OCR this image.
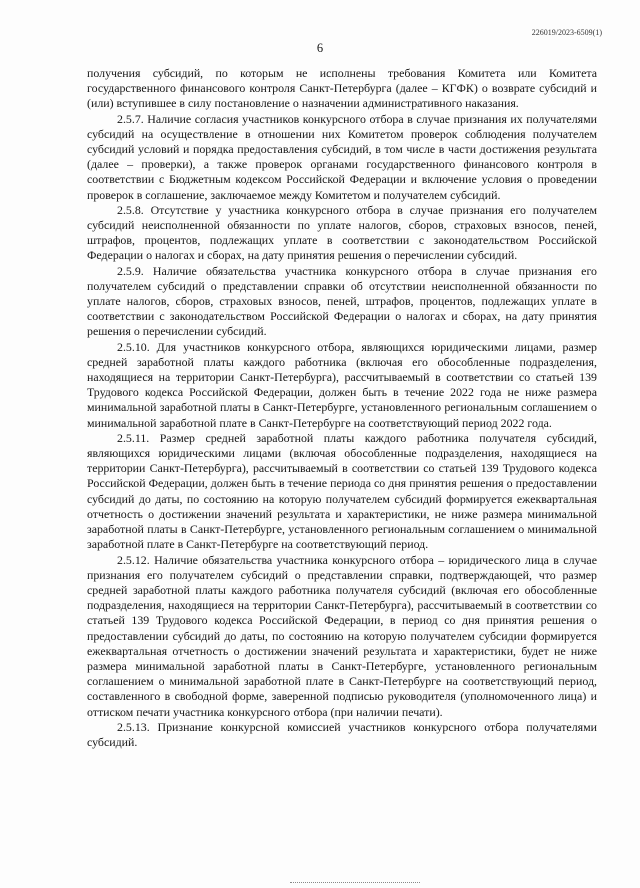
226019/2023-6509(1)
6

получения субсидий, по которым не исполнены требования Комитета или Комитета государственного финансового контроля Санкт-Петербурга (далее – КГФК) о возврате субсидий и (или) вступившее в силу постановление о назначении административного наказания.

2.5.7. Наличие согласия участников конкурсного отбора в случае признания их получателями субсидий на осуществление в отношении них Комитетом проверок соблюдения получателем субсидий условий и порядка предоставления субсидий, в том числе в части достижения результата (далее – проверки), а также проверок органами государственного финансового контроля в соответствии с Бюджетным кодексом Российской Федерации и включение условия о проведении проверок в соглашение, заключаемое между Комитетом и получателем субсидий.

2.5.8. Отсутствие у участника конкурсного отбора в случае признания его получателем субсидий неисполненной обязанности по уплате налогов, сборов, страховых взносов, пеней, штрафов, процентов, подлежащих уплате в соответствии с законодательством Российской Федерации о налогах и сборах, на дату принятия решения о перечислении субсидий.

2.5.9. Наличие обязательства участника конкурсного отбора в случае признания его получателем субсидий о представлении справки об отсутствии неисполненной обязанности по уплате налогов, сборов, страховых взносов, пеней, штрафов, процентов, подлежащих уплате в соответствии с законодательством Российской Федерации о налогах и сборах, на дату принятия решения о перечислении субсидий.

2.5.10. Для участников конкурсного отбора, являющихся юридическими лицами, размер средней заработной платы каждого работника (включая его обособленные подразделения, находящиеся на территории Санкт-Петербурга), рассчитываемый в соответствии со статьей 139 Трудового кодекса Российской Федерации, должен быть в течение 2022 года не ниже размера минимальной заработной платы в Санкт-Петербурге, установленного региональным соглашением о минимальной заработной плате в Санкт-Петербурге на соответствующий период 2022 года.

2.5.11. Размер средней заработной платы каждого работника получателя субсидий, являющихся юридическими лицами (включая обособленные подразделения, находящиеся на территории Санкт-Петербурга), рассчитываемый в соответствии со статьей 139 Трудового кодекса Российской Федерации, должен быть в течение периода со дня принятия решения о предоставлении субсидий до даты, по состоянию на которую получателем субсидий формируется ежеквартальная отчетность о достижении значений результата и характеристики, не ниже размера минимальной заработной платы в Санкт-Петербурге, установленного региональным соглашением о минимальной заработной плате в Санкт-Петербурге на соответствующий период.

2.5.12. Наличие обязательства участника конкурсного отбора – юридического лица в случае признания его получателем субсидий о представлении справки, подтверждающей, что размер средней заработной платы каждого работника получателя субсидий (включая его обособленные подразделения, находящиеся на территории Санкт-Петербурга), рассчитываемый в соответствии со статьей 139 Трудового кодекса Российской Федерации, в период со дня принятия решения о предоставлении субсидий до даты, по состоянию на которую получателем субсидии формируется ежеквартальная отчетность о достижении значений результата и характеристики, будет не ниже размера минимальной заработной платы в Санкт-Петербурге, установленного региональным соглашением о минимальной заработной плате в Санкт-Петербурге на соответствующий период, составленного в свободной форме, заверенной подписью руководителя (уполномоченного лица) и оттиском печати участника конкурсного отбора (при наличии печати).

2.5.13. Признание конкурсной комиссией участников конкурсного отбора получателями субсидий.
